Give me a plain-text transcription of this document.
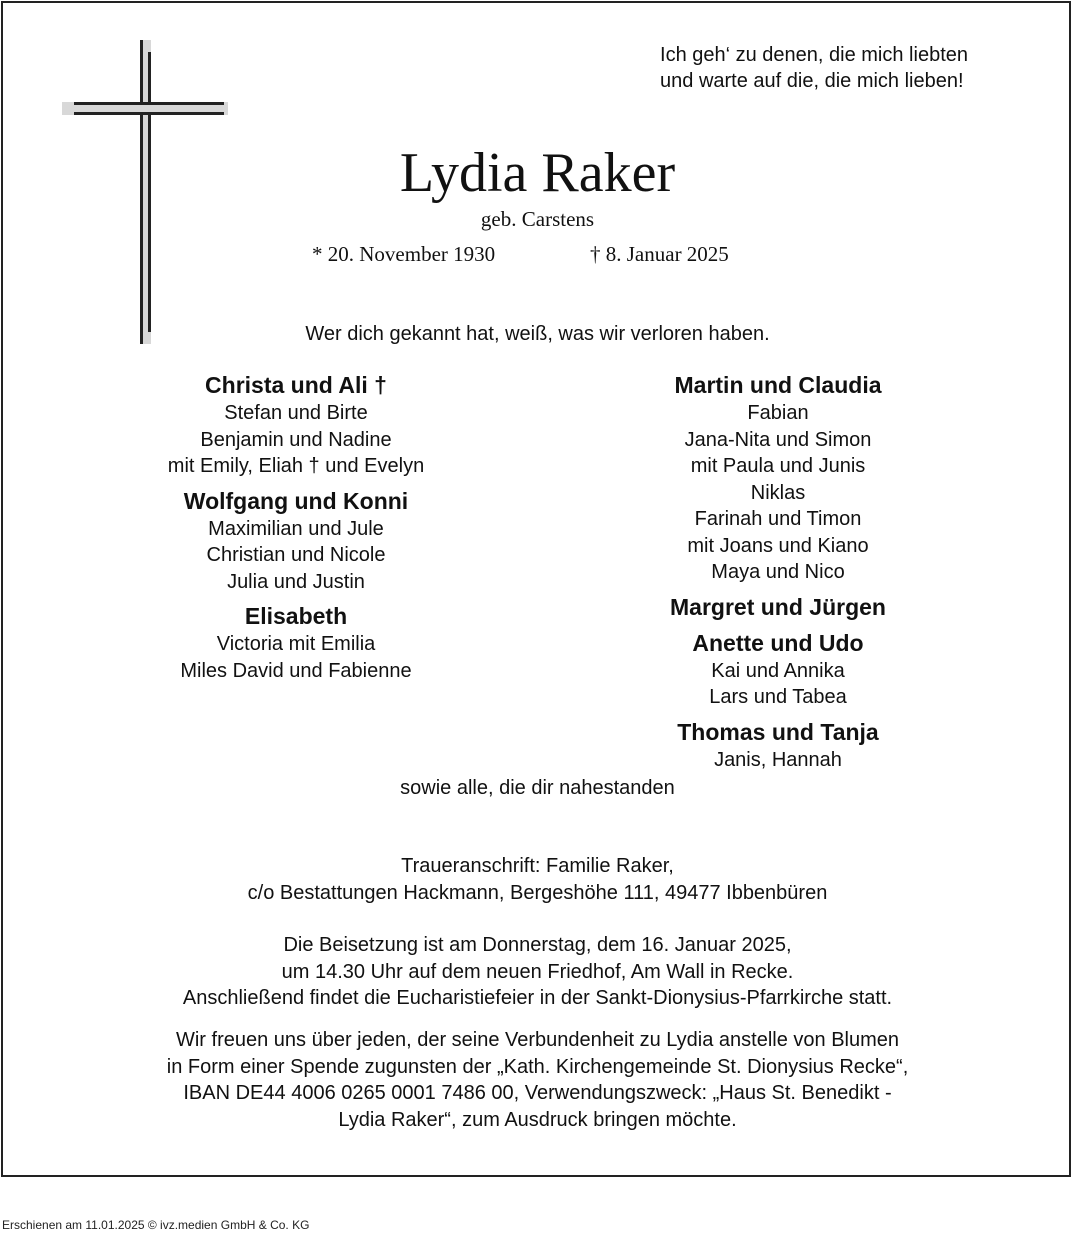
Ich geh‘ zu denen, die mich liebten
und warte auf die, die mich lieben!
Lydia Raker
geb. Carstens
* 20. November 1930	† 8. Januar 2025
Wer dich gekannt hat, weiß, was wir verloren haben.
Christa und Ali †
Stefan und Birte
Benjamin und Nadine
mit Emily, Eliah † und Evelyn
Wolfgang und Konni
Maximilian und Jule
Christian und Nicole
Julia und Justin
Elisabeth
Victoria mit Emilia
Miles David und Fabienne
Martin und Claudia
Fabian
Jana-Nita und Simon
mit Paula und Junis
Niklas
Farinah und Timon
mit Joans und Kiano
Maya und Nico
Margret und Jürgen
Anette und Udo
Kai und Annika
Lars und Tabea
Thomas und Tanja
Janis, Hannah
sowie alle, die dir nahestanden
Traueranschrift: Familie Raker,
c/o Bestattungen Hackmann, Bergeshöhe 111, 49477 Ibbenbüren
Die Beisetzung ist am Donnerstag, dem 16. Januar 2025,
um 14.30 Uhr auf dem neuen Friedhof, Am Wall in Recke.
Anschließend findet die Eucharistiefeier in der Sankt-Dionysius-Pfarrkirche statt.
Wir freuen uns über jeden, der seine Verbundenheit zu Lydia anstelle von Blumen
in Form einer Spende zugunsten der „Kath. Kirchengemeinde St. Dionysius Recke“,
IBAN DE44 4006 0265 0001 7486 00, Verwendungszweck: „Haus St. Benedikt -
Lydia Raker“, zum Ausdruck bringen möchte.
Erschienen am 11.01.2025 © ivz.medien GmbH & Co. KG
